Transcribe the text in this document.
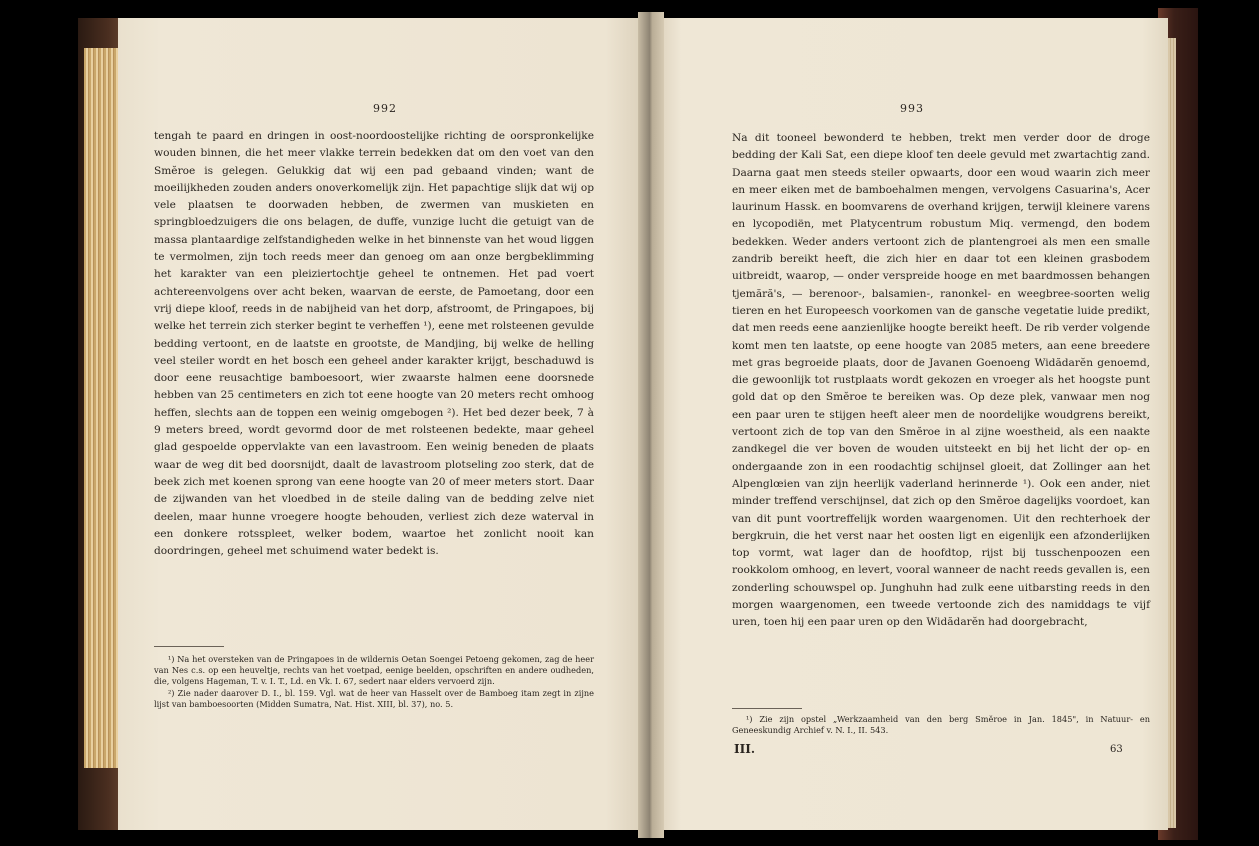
992

tengah te paard en dringen in oost-noordoostelijke richting de oorspronkelijke wouden binnen, die het meer vlakke terrein bedekken dat om den voet van den Smĕroe is gelegen. Gelukkig dat wij een pad gebaand vinden; want de moeilijkheden zouden anders onoverkomelijk zijn. Het papachtige slijk dat wij op vele plaatsen te doorwaden hebben, de zwermen van muskieten en springbloedzuigers die ons belagen, de duffe, vunzige lucht die getuigt van de massa plantaardige zelfstandigheden welke in het binnenste van het woud liggen te vermolmen, zijn toch reeds meer dan genoeg om aan onze bergbeklimming het karakter van een pleiziertochtje geheel te ontnemen. Het pad voert achtereenvolgens over acht beken, waarvan de eerste, de Pamoetang, door een vrij diepe kloof, reeds in de nabijheid van het dorp, afstroomt, de Pringapoes, bij welke het terrein zich sterker begint te verheffen ¹), eene met rolsteenen gevulde bedding vertoont, en de laatste en grootste, de Mandjing, bij welke de helling veel steiler wordt en het bosch een geheel ander karakter krijgt, beschaduwd is door eene reusachtige bamboesoort, wier zwaarste halmen eene doorsnede hebben van 25 centimeters en zich tot eene hoogte van 20 meters recht omhoog heffen, slechts aan de toppen een weinig omgebogen ²). Het bed dezer beek, 7 à 9 meters breed, wordt gevormd door de met rolsteenen bedekte, maar geheel glad gespoelde oppervlakte van een lavastroom. Een weinig beneden de plaats waar de weg dit bed doorsnijdt, daalt de lavastroom plotseling zoo sterk, dat de beek zich met koenen sprong van eene hoogte van 20 of meer meters stort. Daar de zijwanden van het vloedbed in de steile daling van de bedding zelve niet deelen, maar hunne vroegere hoogte behouden, verliest zich deze waterval in een donkere rotsspleet, welker bodem, waartoe het zonlicht nooit kan doordringen, geheel met schuimend water bedekt is.

¹) Na het oversteken van de Pringapoes in de wildernis Oetan Soengei Petoeng gekomen, zag de heer van Nes c.s. op een heuveltje, rechts van het voetpad, eenige beelden, opschriften en andere oudheden, die, volgens Hageman, T. v. I. T., Ld. en Vk. I. 67, sedert naar elders vervoerd zijn.

²) Zie nader daarover D. I., bl. 159. Vgl. wat de heer van Hasselt over de Bamboeg itam zegt in zijne lijst van bamboesoorten (Midden Sumatra, Nat. Hist. XIII, bl. 37), no. 5.

993

Na dit tooneel bewonderd te hebben, trekt men verder door de droge bedding der Kali Sat, een diepe kloof ten deele gevuld met zwartachtig zand. Daarna gaat men steeds steiler opwaarts, door een woud waarin zich meer en meer eiken met de bamboehalmen mengen, vervolgens Casuarina's, Acer laurinum Hassk. en boomvarens de overhand krijgen, terwijl kleinere varens en lycopodiën, met Platycentrum robustum Miq. vermengd, den bodem bedekken. Weder anders vertoont zich de plantengroei als men een smalle zandrib bereikt heeft, die zich hier en daar tot een kleinen grasbodem uitbreidt, waarop, — onder verspreide hooge en met baardmossen behangen tjemără's, — berenoor-, balsamien-, ranonkel- en weegbree-soorten welig tieren en het Europeesch voorkomen van de gansche vegetatie luide predikt, dat men reeds eene aanzienlijke hoogte bereikt heeft. De rib verder volgende komt men ten laatste, op eene hoogte van 2085 meters, aan eene breedere met gras begroeide plaats, door de Javanen Goenoeng Widădarĕn genoemd, die gewoonlijk tot rustplaats wordt gekozen en vroeger als het hoogste punt gold dat op den Smĕroe te bereiken was. Op deze plek, vanwaar men nog een paar uren te stijgen heeft aleer men de noordelijke woudgrens bereikt, vertoont zich de top van den Smĕroe in al zijne woestheid, als een naakte zandkegel die ver boven de wouden uitsteekt en bij het licht der op- en ondergaande zon in een roodachtig schijnsel gloeit, dat Zollinger aan het Alpenglœien van zijn heerlijk vaderland herinnerde ¹). Ook een ander, niet minder treffend verschijnsel, dat zich op den Smĕroe dagelijks voordoet, kan van dit punt voortreffelijk worden waargenomen. Uit den rechterhoek der bergkruin, die het verst naar het oosten ligt en eigenlijk een afzonderlijken top vormt, wat lager dan de hoofdtop, rijst bij tusschenpoozen een rookkolom omhoog, en levert, vooral wanneer de nacht reeds gevallen is, een zonderling schouwspel op. Junghuhn had zulk eene uitbarsting reeds in den morgen waargenomen, een tweede vertoonde zich des namiddags te vijf uren, toen hij een paar uren op den Widădarĕn had doorgebracht,

¹) Zie zijn opstel „Werkzaamheid van den berg Smĕroe in Jan. 1845", in Natuur- en Geneeskundig Archief v. N. I., II. 543.

III.	63
